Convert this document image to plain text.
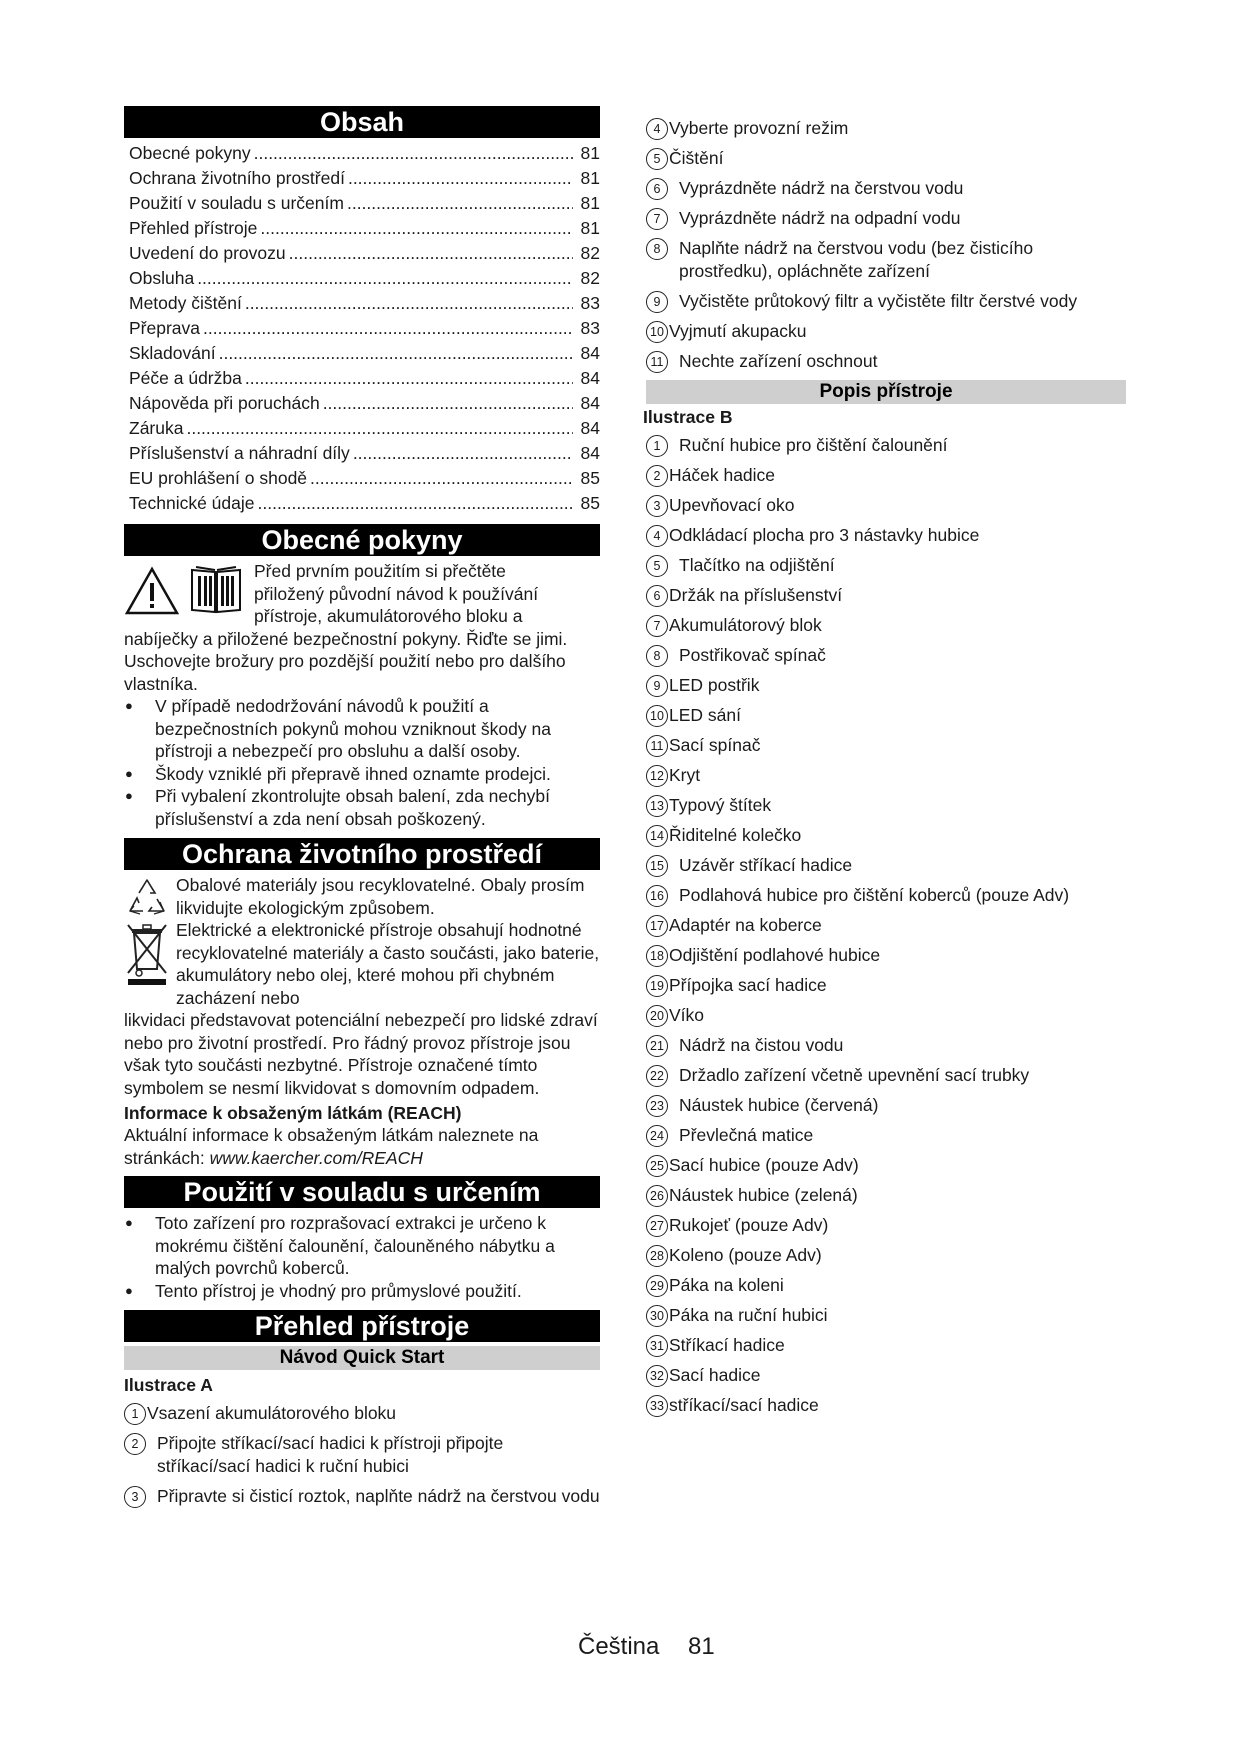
Obsah
Obecné pokyny .....	81
Ochrana životního prostředí .....	81
Použití v souladu s určením .....	81
Přehled přístroje .....	81
Uvedení do provozu .....	82
Obsluha .....	82
Metody čištění .....	83
Přeprava .....	83
Skladování .....	84
Péče a údržba .....	84
Nápověda při poruchách .....	84
Záruka .....	84
Příslušenství a náhradní díly .....	84
EU prohlášení o shodě .....	85
Technické údaje .....	85
Obecné pokyny
Před prvním použitím si přečtěte
přiložený původní návod k používání
přístroje, akumulátorového bloku a
nabíječky a přiložené bezpečnostní pokyny. Řiďte se jimi.
Uschovejte brožury pro pozdější použití nebo pro dalšího vlastníka.
●	V případě nedodržování návodů k použití a bezpečnostních pokynů mohou vzniknout škody na přístroji a nebezpečí pro obsluhu a další osoby.
●	Škody vzniklé při přepravě ihned oznamte prodejci.
●	Při vybalení zkontrolujte obsah balení, zda nechybí příslušenství a zda není obsah poškozený.
Ochrana životního prostředí
Obalové materiály jsou recyklovatelné. Obaly prosím likvidujte ekologickým způsobem.
Elektrické a elektronické přístroje obsahují hodnotné recyklovatelné materiály a často součásti, jako baterie, akumulátory nebo olej, které mohou při chybném zacházení nebo
likvidaci představovat potenciální nebezpečí pro lidské zdraví nebo pro životní prostředí. Pro řádný provoz přístroje jsou však tyto součásti nezbytné. Přístroje označené tímto symbolem se nesmí likvidovat s domovním odpadem.
Informace k obsaženým látkám (REACH)
Aktuální informace k obsaženým látkám naleznete na stránkách: www.kaercher.com/REACH
Použití v souladu s určením
●	Toto zařízení pro rozprašovací extrakci je určeno k mokrému čištění čalounění, čalouněného nábytku a malých povrchů koberců.
●	Tento přístroj je vhodný pro průmyslové použití.
Přehled přístroje
Návod Quick Start
Ilustrace A
1 Vsazení akumulátorového bloku
2	Připojte stříkací/sací hadici k přístroji připojte stříkací/sací hadici k ruční hubici
3	Připravte si čisticí roztok, naplňte nádrž na čerstvou vodu
4 Vyberte provozní režim
5 Čištění
6	Vyprázdněte nádrž na čerstvou vodu
7	Vyprázdněte nádrž na odpadní vodu
8	Naplňte nádrž na čerstvou vodu (bez čisticího prostředku), opláchněte zařízení
9	Vyčistěte průtokový filtr a vyčistěte filtr čerstvé vody
10 Vyjmutí akupacku
11 Nechte zařízení oschnout
Popis přístroje
Ilustrace B
1	Ruční hubice pro čištění čalounění
2 Háček hadice
3 Upevňovací oko
4 Odkládací plocha pro 3 nástavky hubice
5	Tlačítko na odjištění
6 Držák na příslušenství
7 Akumulátorový blok
8	Postřikovač spínač
9 LED postřik
10 LED sání
11 Sací spínač
12 Kryt
13 Typový štítek
14 Řiditelné kolečko
15 Uzávěr stříkací hadice
16 Podlahová hubice pro čištění koberců (pouze Adv)
17 Adaptér na koberce
18 Odjištění podlahové hubice
19 Přípojka sací hadice
20 Víko
21 Nádrž na čistou vodu
22 Držadlo zařízení včetně upevnění sací trubky
23 Náustek hubice (červená)
24 Převlečná matice
25 Sací hubice (pouze Adv)
26 Náustek hubice (zelená)
27 Rukojeť (pouze Adv)
28 Koleno (pouze Adv)
29 Páka na koleni
30 Páka na ruční hubici
31 Stříkací hadice
32 Sací hadice
33 stříkací/sací hadice
Čeština 81
